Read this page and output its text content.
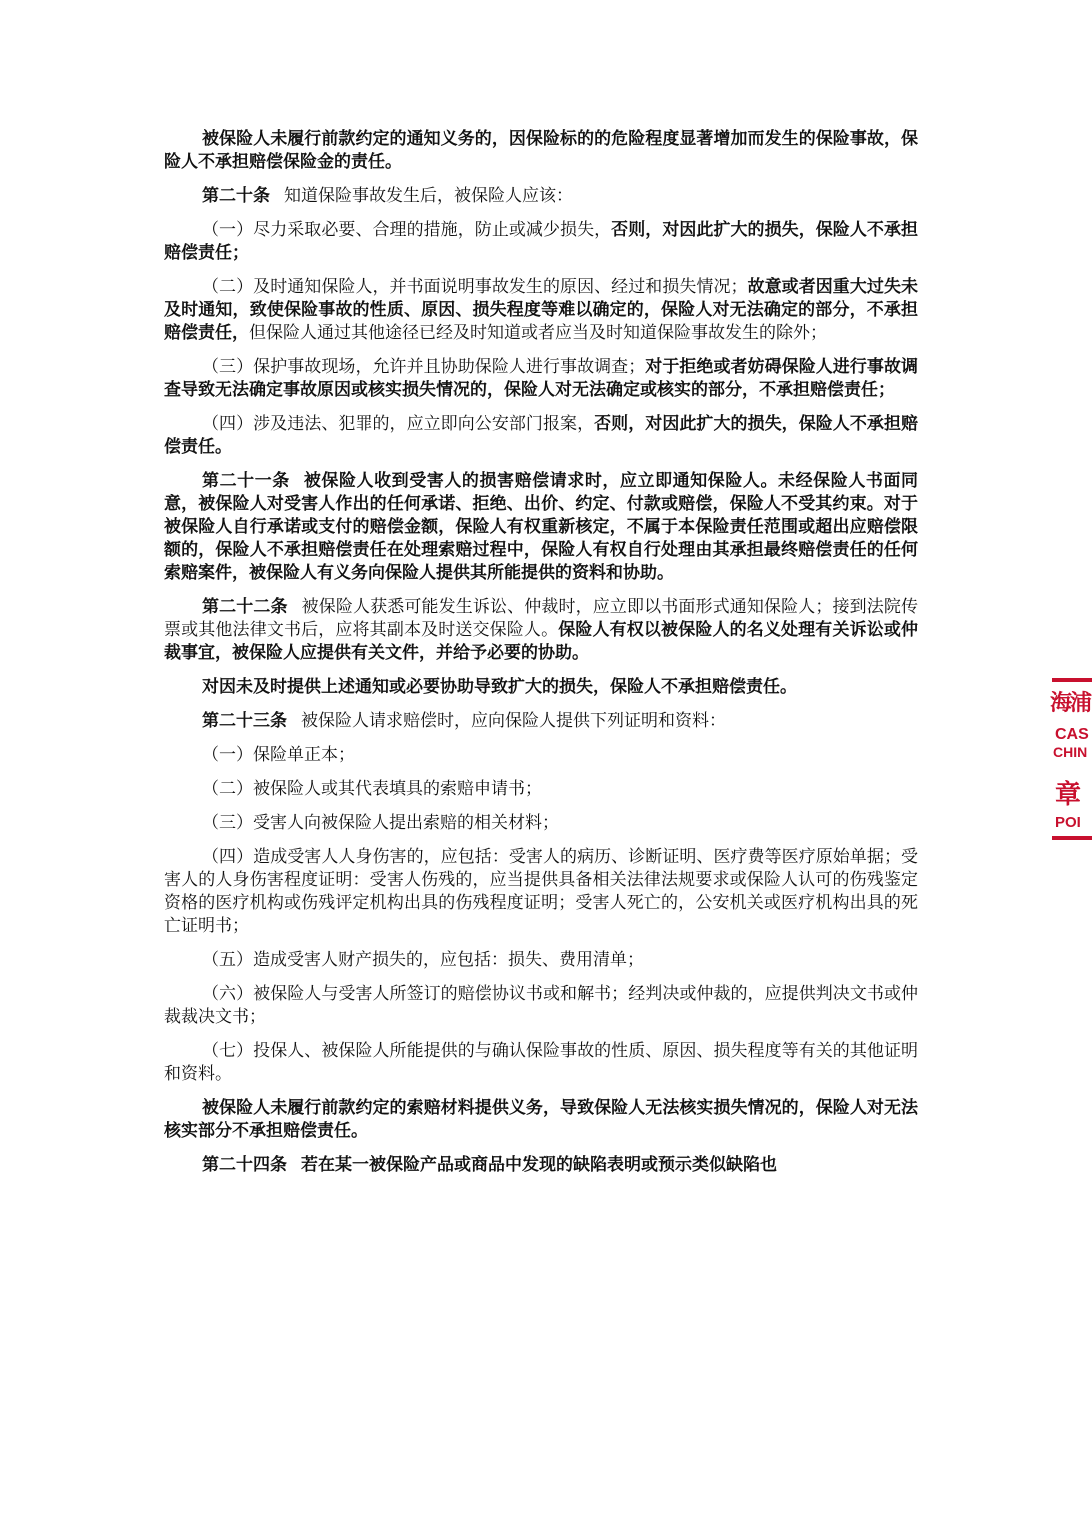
被保险人未履行前款约定的通知义务的，因保险标的的危险程度显著增加而发生的保险事故，保险人不承担赔偿保险金的责任。

第二十条 知道保险事故发生后，被保险人应该：

（一）尽力采取必要、合理的措施，防止或减少损失，否则，对因此扩大的损失，保险人不承担赔偿责任；

（二）及时通知保险人，并书面说明事故发生的原因、经过和损失情况；故意或者因重大过失未及时通知，致使保险事故的性质、原因、损失程度等难以确定的，保险人对无法确定的部分，不承担赔偿责任，但保险人通过其他途径已经及时知道或者应当及时知道保险事故发生的除外；

（三）保护事故现场，允许并且协助保险人进行事故调查；对于拒绝或者妨碍保险人进行事故调查导致无法确定事故原因或核实损失情况的，保险人对无法确定或核实的部分，不承担赔偿责任；

（四）涉及违法、犯罪的，应立即向公安部门报案，否则，对因此扩大的损失，保险人不承担赔偿责任。

第二十一条 被保险人收到受害人的损害赔偿请求时，应立即通知保险人。未经保险人书面同意，被保险人对受害人作出的任何承诺、拒绝、出价、约定、付款或赔偿，保险人不受其约束。对于被保险人自行承诺或支付的赔偿金额，保险人有权重新核定，不属于本保险责任范围或超出应赔偿限额的，保险人不承担赔偿责任在处理索赔过程中，保险人有权自行处理由其承担最终赔偿责任的任何索赔案件，被保险人有义务向保险人提供其所能提供的资料和协助。

第二十二条 被保险人获悉可能发生诉讼、仲裁时，应立即以书面形式通知保险人；接到法院传票或其他法律文书后，应将其副本及时送交保险人。保险人有权以被保险人的名义处理有关诉讼或仲裁事宜，被保险人应提供有关文件，并给予必要的协助。

对因未及时提供上述通知或必要协助导致扩大的损失，保险人不承担赔偿责任。

第二十三条 被保险人请求赔偿时，应向保险人提供下列证明和资料：

（一）保险单正本；

（二）被保险人或其代表填具的索赔申请书；

（三）受害人向被保险人提出索赔的相关材料；

（四）造成受害人人身伤害的，应包括：受害人的病历、诊断证明、医疗费等医疗原始单据；受害人的人身伤害程度证明：受害人伤残的，应当提供具备相关法律法规要求或保险人认可的伤残鉴定资格的医疗机构或伤残评定机构出具的伤残程度证明；受害人死亡的，公安机关或医疗机构出具的死亡证明书；

（五）造成受害人财产损失的，应包括：损失、费用清单；

（六）被保险人与受害人所签订的赔偿协议书或和解书；经判决或仲裁的，应提供判决文书或仲裁裁决文书；

（七）投保人、被保险人所能提供的与确认保险事故的性质、原因、损失程度等有关的其他证明和资料。

被保险人未履行前款约定的索赔材料提供义务，导致保险人无法核实损失情况的，保险人对无法核实部分不承担赔偿责任。

第二十四条 若在某一被保险产品或商品中发现的缺陷表明或预示类似缺陷也

海浦
CAS
CHIN
章
POI
